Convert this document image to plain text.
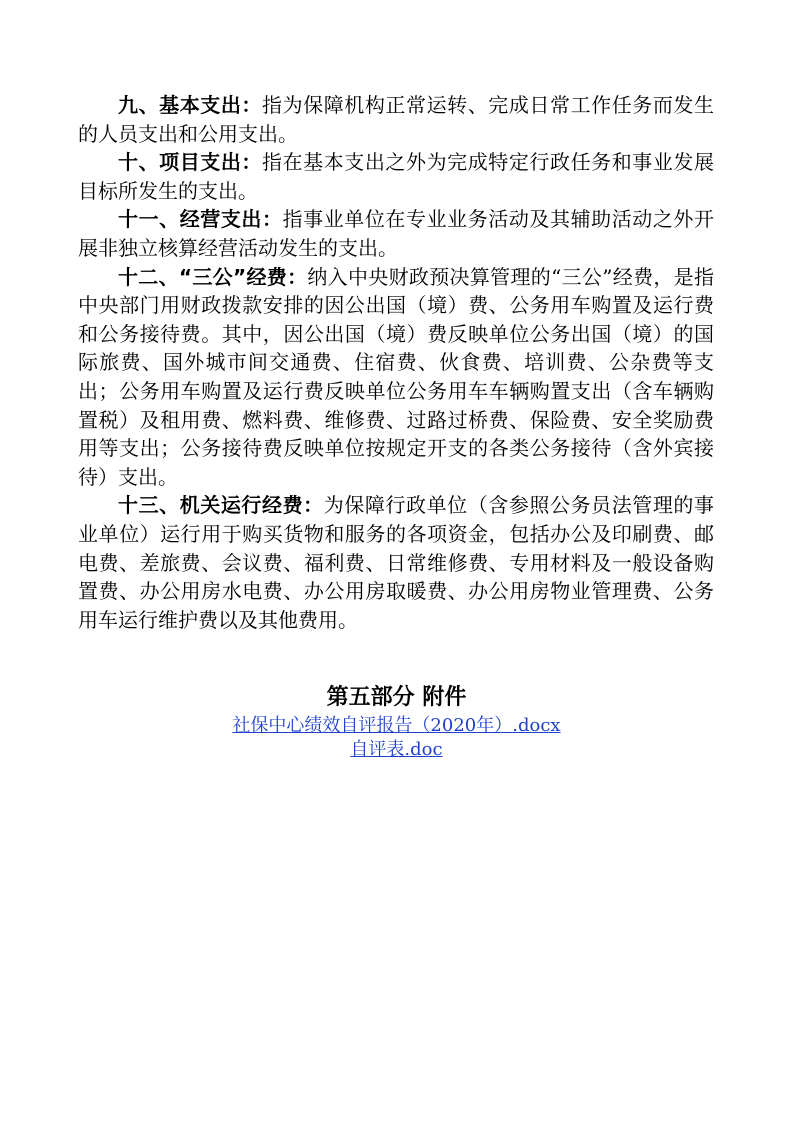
九、基本支出：指为保障机构正常运转、完成日常工作任务而发生的人员支出和公用支出。

十、项目支出：指在基本支出之外为完成特定行政任务和事业发展目标所发生的支出。

十一、经营支出：指事业单位在专业业务活动及其辅助活动之外开展非独立核算经营活动发生的支出。

十二、“三公”经费：纳入中央财政预决算管理的“三公”经费，是指中央部门用财政拨款安排的因公出国（境）费、公务用车购置及运行费和公务接待费。其中，因公出国（境）费反映单位公务出国（境）的国际旅费、国外城市间交通费、住宿费、伙食费、培训费、公杂费等支出；公务用车购置及运行费反映单位公务用车车辆购置支出（含车辆购置税）及租用费、燃料费、维修费、过路过桥费、保险费、安全奖励费用等支出；公务接待费反映单位按规定开支的各类公务接待（含外宾接待）支出。

十三、机关运行经费：为保障行政单位（含参照公务员法管理的事业单位）运行用于购买货物和服务的各项资金，包括办公及印刷费、邮电费、差旅费、会议费、福利费、日常维修费、专用材料及一般设备购置费、办公用房水电费、办公用房取暖费、办公用房物业管理费、公务用车运行维护费以及其他费用。

第五部分 附件
社保中心绩效自评报告（2020年）.docx
自评表.doc
